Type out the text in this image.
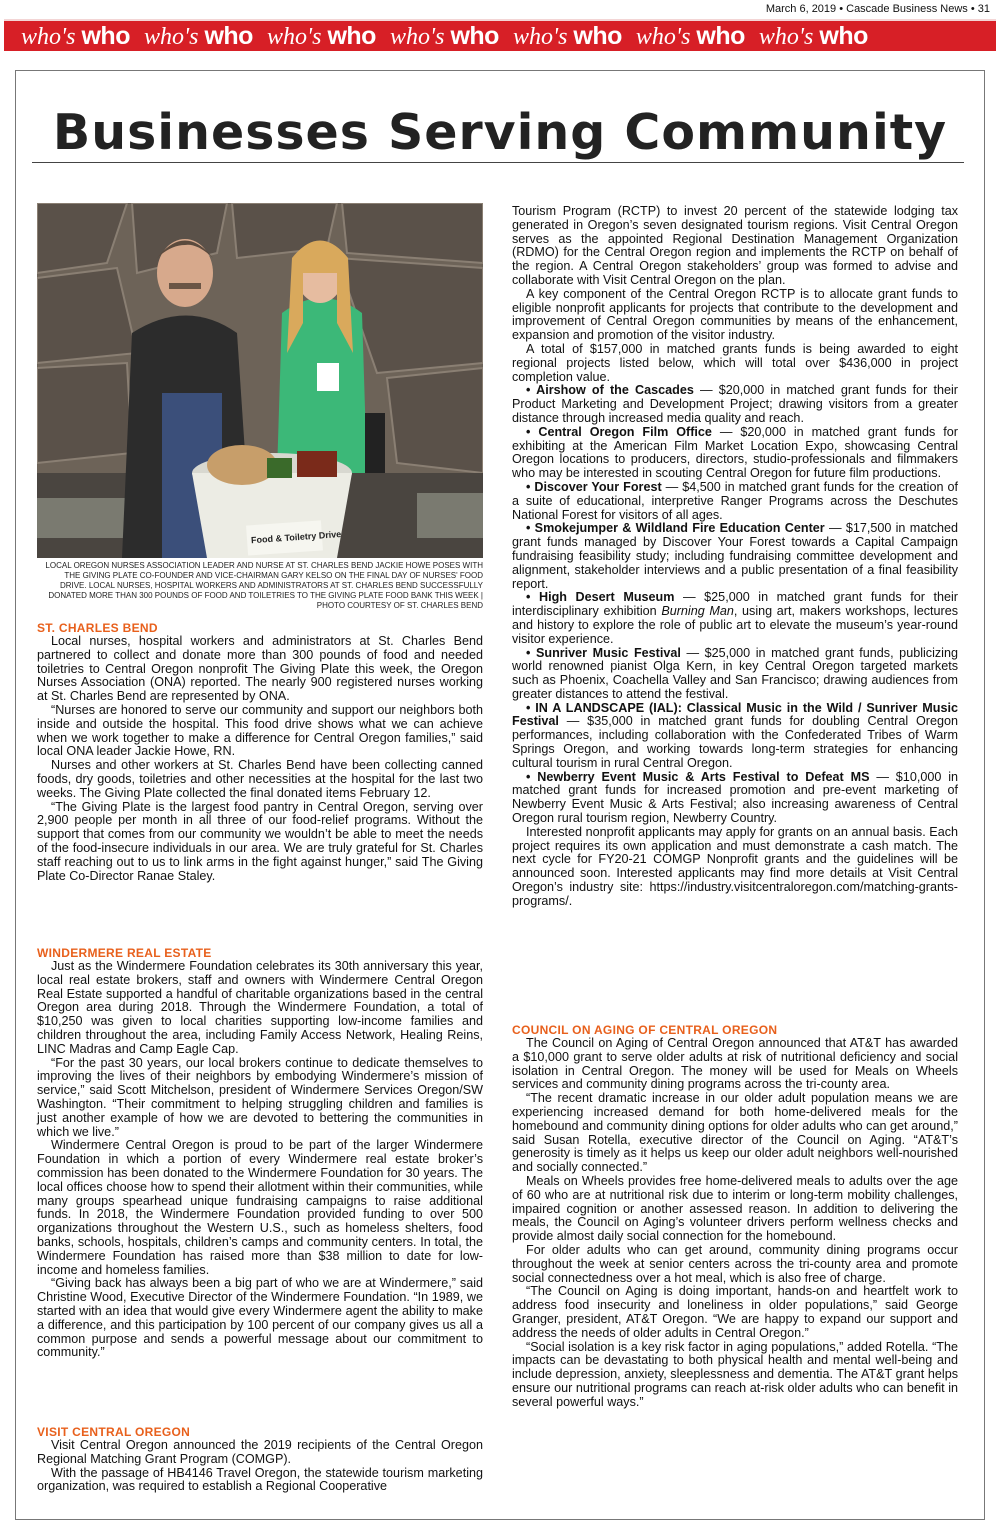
March 6, 2019 • Cascade Business News • 31
who's who who's who who's who who's who who's who who's who who's who
Businesses Serving Community
Food & Toiletry Drive

LOCAL OREGON NURSES ASSOCIATION LEADER AND NURSE AT ST. CHARLES BEND JACKIE HOWE POSES WITH THE GIVING PLATE CO-FOUNDER AND VICE-CHAIRMAN GARY KELSO ON THE FINAL DAY OF NURSES' FOOD DRIVE. LOCAL NURSES, HOSPITAL WORKERS AND ADMINISTRATORS AT ST. CHARLES BEND SUCCESSFULLY DONATED MORE THAN 300 POUNDS OF FOOD AND TOILETRIES TO THE GIVING PLATE FOOD BANK THIS WEEK | PHOTO COURTESY OF ST. CHARLES BEND

ST. CHARLES BEND

Local nurses, hospital workers and administrators at St. Charles Bend partnered to collect and donate more than 300 pounds of food and needed toiletries to Central Oregon nonprofit The Giving Plate this week, the Oregon Nurses Association (ONA) reported. The nearly 900 registered nurses working at St. Charles Bend are represented by ONA.

“Nurses are honored to serve our community and support our neighbors both inside and outside the hospital. This food drive shows what we can achieve when we work together to make a difference for Central Oregon families,” said local ONA leader Jackie Howe, RN.

Nurses and other workers at St. Charles Bend have been collecting canned foods, dry goods, toiletries and other necessities at the hospital for the last two weeks. The Giving Plate collected the final donated items February 12.

“The Giving Plate is the largest food pantry in Central Oregon, serving over 2,900 people per month in all three of our food-relief programs. Without the support that comes from our community we wouldn’t be able to meet the needs of the food-insecure individuals in our area. We are truly grateful for St. Charles staff reaching out to us to link arms in the fight against hunger,” said The Giving Plate Co-Director Ranae Staley.

WINDERMERE REAL ESTATE

Just as the Windermere Foundation celebrates its 30th anniversary this year, local real estate brokers, staff and owners with Windermere Central Oregon Real Estate supported a handful of charitable organizations based in the central Oregon area during 2018. Through the Windermere Foundation, a total of $10,250 was given to local charities supporting low-income families and children throughout the area, including Family Access Network, Healing Reins, LINC Madras and Camp Eagle Cap.

“For the past 30 years, our local brokers continue to dedicate themselves to improving the lives of their neighbors by embodying Windermere’s mission of service,” said Scott Mitchelson, president of Windermere Services Oregon/SW Washington. “Their commitment to helping struggling children and families is just another example of how we are devoted to bettering the communities in which we live.”

Windermere Central Oregon is proud to be part of the larger Windermere Foundation in which a portion of every Windermere real estate broker’s commission has been donated to the Windermere Foundation for 30 years. The local offices choose how to spend their allotment within their communities, while many groups spearhead unique fundraising campaigns to raise additional funds. In 2018, the Windermere Foundation provided funding to over 500 organizations throughout the Western U.S., such as homeless shelters, food banks, schools, hospitals, children’s camps and community centers. In total, the Windermere Foundation has raised more than $38 million to date for low-income and homeless families.

“Giving back has always been a big part of who we are at Windermere,” said Christine Wood, Executive Director of the Windermere Foundation. “In 1989, we started with an idea that would give every Windermere agent the ability to make a difference, and this participation by 100 percent of our company gives us all a common purpose and sends a powerful message about our commitment to community.”

VISIT CENTRAL OREGON

Visit Central Oregon announced the 2019 recipients of the Central Oregon Regional Matching Grant Program (COMGP).

With the passage of HB4146 Travel Oregon, the statewide tourism marketing organization, was required to establish a Regional Cooperative

Tourism Program (RCTP) to invest 20 percent of the statewide lodging tax generated in Oregon’s seven designated tourism regions. Visit Central Oregon serves as the appointed Regional Destination Management Organization (RDMO) for the Central Oregon region and implements the RCTP on behalf of the region. A Central Oregon stakeholders’ group was formed to advise and collaborate with Visit Central Oregon on the plan.

A key component of the Central Oregon RCTP is to allocate grant funds to eligible nonprofit applicants for projects that contribute to the development and improvement of Central Oregon communities by means of the enhancement, expansion and promotion of the visitor industry.

A total of $157,000 in matched grants funds is being awarded to eight regional projects listed below, which will total over $436,000 in project completion value.

• Airshow of the Cascades — $20,000 in matched grant funds for their Product Marketing and Development Project; drawing visitors from a greater distance through increased media quality and reach.

• Central Oregon Film Office — $20,000 in matched grant funds for exhibiting at the American Film Market Location Expo, showcasing Central Oregon locations to producers, directors, studio-professionals and filmmakers who may be interested in scouting Central Oregon for future film productions.

• Discover Your Forest — $4,500 in matched grant funds for the creation of a suite of educational, interpretive Ranger Programs across the Deschutes National Forest for visitors of all ages.

• Smokejumper & Wildland Fire Education Center — $17,500 in matched grant funds managed by Discover Your Forest towards a Capital Campaign fundraising feasibility study; including fundraising committee development and alignment, stakeholder interviews and a public presentation of a final feasibility report.

• High Desert Museum — $25,000 in matched grant funds for their interdisciplinary exhibition Burning Man, using art, makers workshops, lectures and history to explore the role of public art to elevate the museum’s year-round visitor experience.

• Sunriver Music Festival — $25,000 in matched grant funds, publicizing world renowned pianist Olga Kern, in key Central Oregon targeted markets such as Phoenix, Coachella Valley and San Francisco; drawing audiences from greater distances to attend the festival.

• IN A LANDSCAPE (IAL): Classical Music in the Wild / Sunriver Music Festival — $35,000 in matched grant funds for doubling Central Oregon performances, including collaboration with the Confederated Tribes of Warm Springs Oregon, and working towards long-term strategies for enhancing cultural tourism in rural Central Oregon.

• Newberry Event Music & Arts Festival to Defeat MS — $10,000 in matched grant funds for increased promotion and pre-event marketing of Newberry Event Music & Arts Festival; also increasing awareness of Central Oregon rural tourism region, Newberry Country.

Interested nonprofit applicants may apply for grants on an annual basis. Each project requires its own application and must demonstrate a cash match. The next cycle for FY20-21 COMGP Nonprofit grants and the guidelines will be announced soon. Interested applicants may find more details at Visit Central Oregon’s industry site: https://industry.visitcentraloregon.com/matching-grants-programs/.

COUNCIL ON AGING OF CENTRAL OREGON

The Council on Aging of Central Oregon announced that AT&T has awarded a $10,000 grant to serve older adults at risk of nutritional deficiency and social isolation in Central Oregon. The money will be used for Meals on Wheels services and community dining programs across the tri-county area.

“The recent dramatic increase in our older adult population means we are experiencing increased demand for both home-delivered meals for the homebound and community dining options for older adults who can get around,” said Susan Rotella, executive director of the Council on Aging. “AT&T’s generosity is timely as it helps us keep our older adult neighbors well-nourished and socially connected.”

Meals on Wheels provides free home-delivered meals to adults over the age of 60 who are at nutritional risk due to interim or long-term mobility challenges, impaired cognition or another assessed reason. In addition to delivering the meals, the Council on Aging’s volunteer drivers perform wellness checks and provide almost daily social connection for the homebound.

For older adults who can get around, community dining programs occur throughout the week at senior centers across the tri-county area and promote social connectedness over a hot meal, which is also free of charge.

“The Council on Aging is doing important, hands-on and heartfelt work to address food insecurity and loneliness in older populations,” said George Granger, president, AT&T Oregon. “We are happy to expand our support and address the needs of older adults in Central Oregon.”

“Social isolation is a key risk factor in aging populations,” added Rotella. “The impacts can be devastating to both physical health and mental well-being and include depression, anxiety, sleeplessness and dementia. The AT&T grant helps ensure our nutritional programs can reach at-risk older adults who can benefit in several powerful ways.”
